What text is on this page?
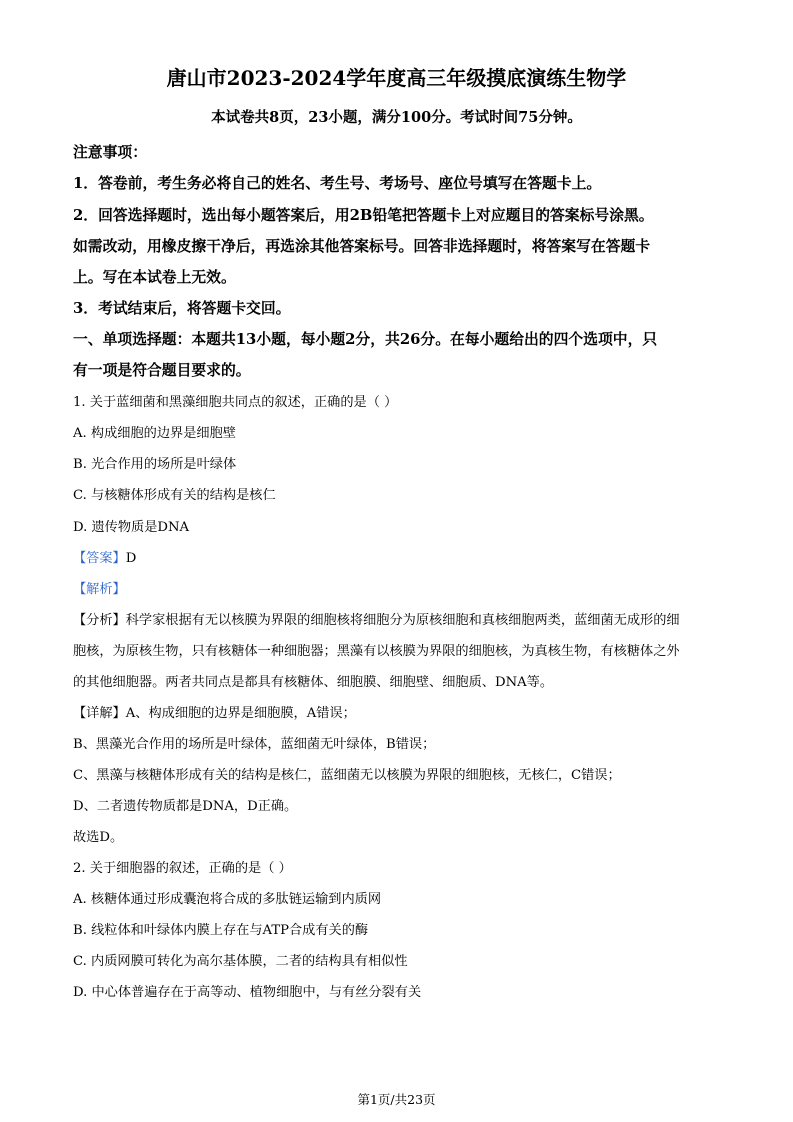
唐山市2023-2024学年度高三年级摸底演练生物学
本试卷共8页，23小题，满分100分。考试时间75分钟。
注意事项：
1．答卷前，考生务必将自己的姓名、考生号、考场号、座位号填写在答题卡上。
2．回答选择题时，选出每小题答案后，用2B铅笔把答题卡上对应题目的答案标号涂黑。
如需改动，用橡皮擦干净后，再选涂其他答案标号。回答非选择题时，将答案写在答题卡
上。写在本试卷上无效。
3．考试结束后，将答题卡交回。
一、单项选择题：本题共13小题，每小题2分，共26分。在每小题给出的四个选项中，只
有一项是符合题目要求的。
1. 关于蓝细菌和黑藻细胞共同点的叙述，正确的是（ ）
A. 构成细胞的边界是细胞壁
B. 光合作用的场所是叶绿体
C. 与核糖体形成有关的结构是核仁
D. 遗传物质是DNA
【答案】D
【解析】
【分析】科学家根据有无以核膜为界限的细胞核将细胞分为原核细胞和真核细胞两类，蓝细菌无成形的细
胞核，为原核生物，只有核糖体一种细胞器；黑藻有以核膜为界限的细胞核，为真核生物，有核糖体之外
的其他细胞器。两者共同点是都具有核糖体、细胞膜、细胞壁、细胞质、DNA等。
【详解】A、构成细胞的边界是细胞膜，A错误；
B、黑藻光合作用的场所是叶绿体，蓝细菌无叶绿体，B错误；
C、黑藻与核糖体形成有关的结构是核仁，蓝细菌无以核膜为界限的细胞核，无核仁，C错误；
D、二者遗传物质都是DNA，D正确。
故选D。
2. 关于细胞器的叙述，正确的是（ ）
A. 核糖体通过形成囊泡将合成的多肽链运输到内质网
B. 线粒体和叶绿体内膜上存在与ATP合成有关的酶
C. 内质网膜可转化为高尔基体膜，二者的结构具有相似性
D. 中心体普遍存在于高等动、植物细胞中，与有丝分裂有关
第1页/共23页
